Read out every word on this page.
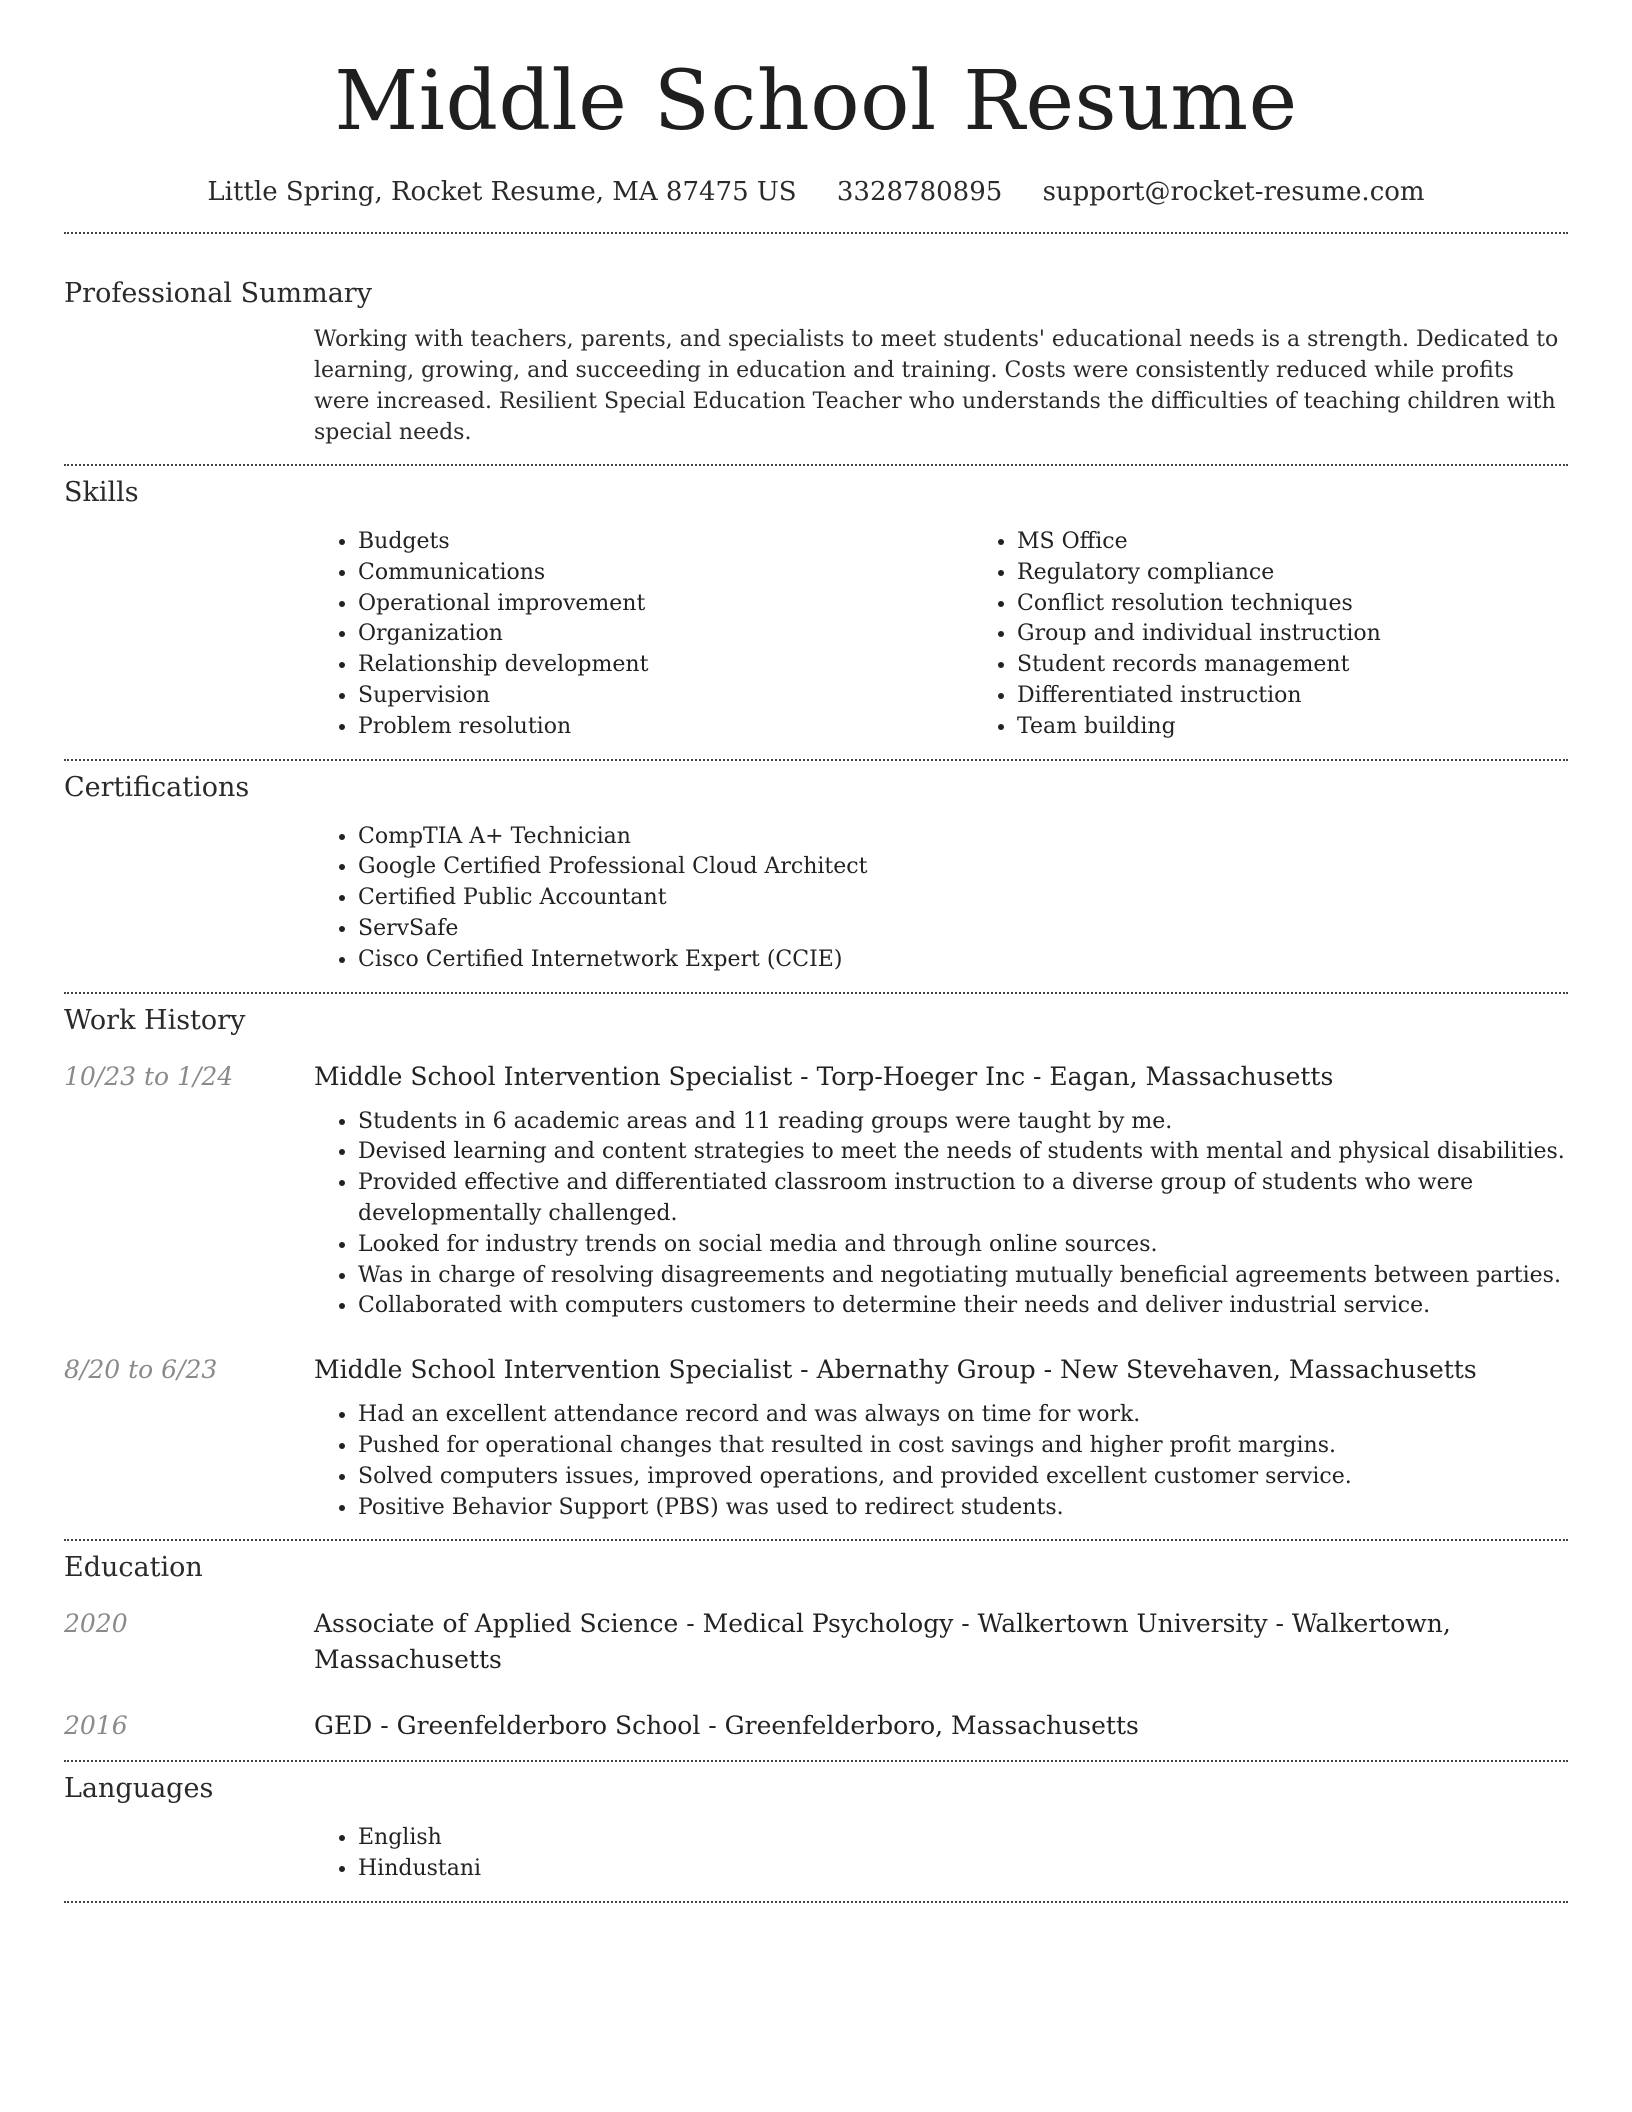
Middle School Resume
Little Spring, Rocket Resume, MA 87475 US 3328780895 support@rocket-resume.com
Professional Summary
Working with teachers, parents, and specialists to meet students' educational needs is a strength. Dedicated to learning, growing, and succeeding in education and training. Costs were consistently reduced while profits were increased. Resilient Special Education Teacher who understands the difficulties of teaching children with special needs.
Skills
• Budgets
• Communications
• Operational improvement
• Organization
• Relationship development
• Supervision
• Problem resolution
• MS Office
• Regulatory compliance
• Conflict resolution techniques
• Group and individual instruction
• Student records management
• Differentiated instruction
• Team building
Certifications
• CompTIA A+ Technician
• Google Certified Professional Cloud Architect
• Certified Public Accountant
• ServSafe
• Cisco Certified Internetwork Expert (CCIE)
Work History
10/23 to 1/24	Middle School Intervention Specialist - Torp-Hoeger Inc - Eagan, Massachusetts
• Students in 6 academic areas and 11 reading groups were taught by me.
• Devised learning and content strategies to meet the needs of students with mental and physical disabilities.
• Provided effective and differentiated classroom instruction to a diverse group of students who were developmentally challenged.
• Looked for industry trends on social media and through online sources.
• Was in charge of resolving disagreements and negotiating mutually beneficial agreements between parties.
• Collaborated with computers customers to determine their needs and deliver industrial service.
8/20 to 6/23	Middle School Intervention Specialist - Abernathy Group - New Stevehaven, Massachusetts
• Had an excellent attendance record and was always on time for work.
• Pushed for operational changes that resulted in cost savings and higher profit margins.
• Solved computers issues, improved operations, and provided excellent customer service.
• Positive Behavior Support (PBS) was used to redirect students.
Education
2020	Associate of Applied Science - Medical Psychology - Walkertown University - Walkertown, Massachusetts
2016	GED - Greenfelderboro School - Greenfelderboro, Massachusetts
Languages
• English
• Hindustani
